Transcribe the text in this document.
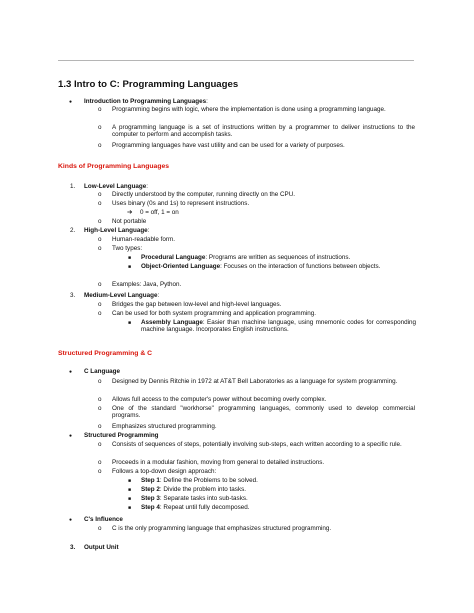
1.3 Intro to C: Programming Languages
● Introduction to Programming Languages:
o Programming begins with logic, where the implementation is done using a programming language.
o A programming language is a set of instructions written by a programmer to deliver instructions to the computer to perform and accomplish tasks.
o Programming languages have vast utility and can be used for a variety of purposes.
Kinds of Programming Languages
1. Low-Level Language:
o Directly understood by the computer, running directly on the CPU.
o Uses binary (0s and 1s) to represent instructions.
➔ 0 = off, 1 = on
o Not portable
2. High-Level Language:
o Human-readable form.
o Two types:
■ Procedural Language: Programs are written as sequences of instructions.
■ Object-Oriented Language: Focuses on the interaction of functions between objects.
o Examples: Java, Python.
3. Medium-Level Language:
o Bridges the gap between low-level and high-level languages.
o Can be used for both system programming and application programming.
■ Assembly Language: Easier than machine language, using mnemonic codes for corresponding machine language. Incorporates English instructions.
Structured Programming & C
● C Language
o Designed by Dennis Ritchie in 1972 at AT&T Bell Laboratories as a language for system programming.
o Allows full access to the computer's power without becoming overly complex.
o One of the standard "workhorse" programming languages, commonly used to develop commercial programs.
o Emphasizes structured programming.
● Structured Programming
o Consists of sequences of steps, potentially involving sub-steps, each written according to a specific rule.
o Proceeds in a modular fashion, moving from general to detailed instructions.
o Follows a top-down design approach:
■ Step 1: Define the Problems to be solved.
■ Step 2: Divide the problem into tasks.
■ Step 3: Separate tasks into sub-tasks.
■ Step 4: Repeat until fully decomposed.
● C's Influence
o C is the only programming language that emphasizes structured programming.
3. Output Unit
